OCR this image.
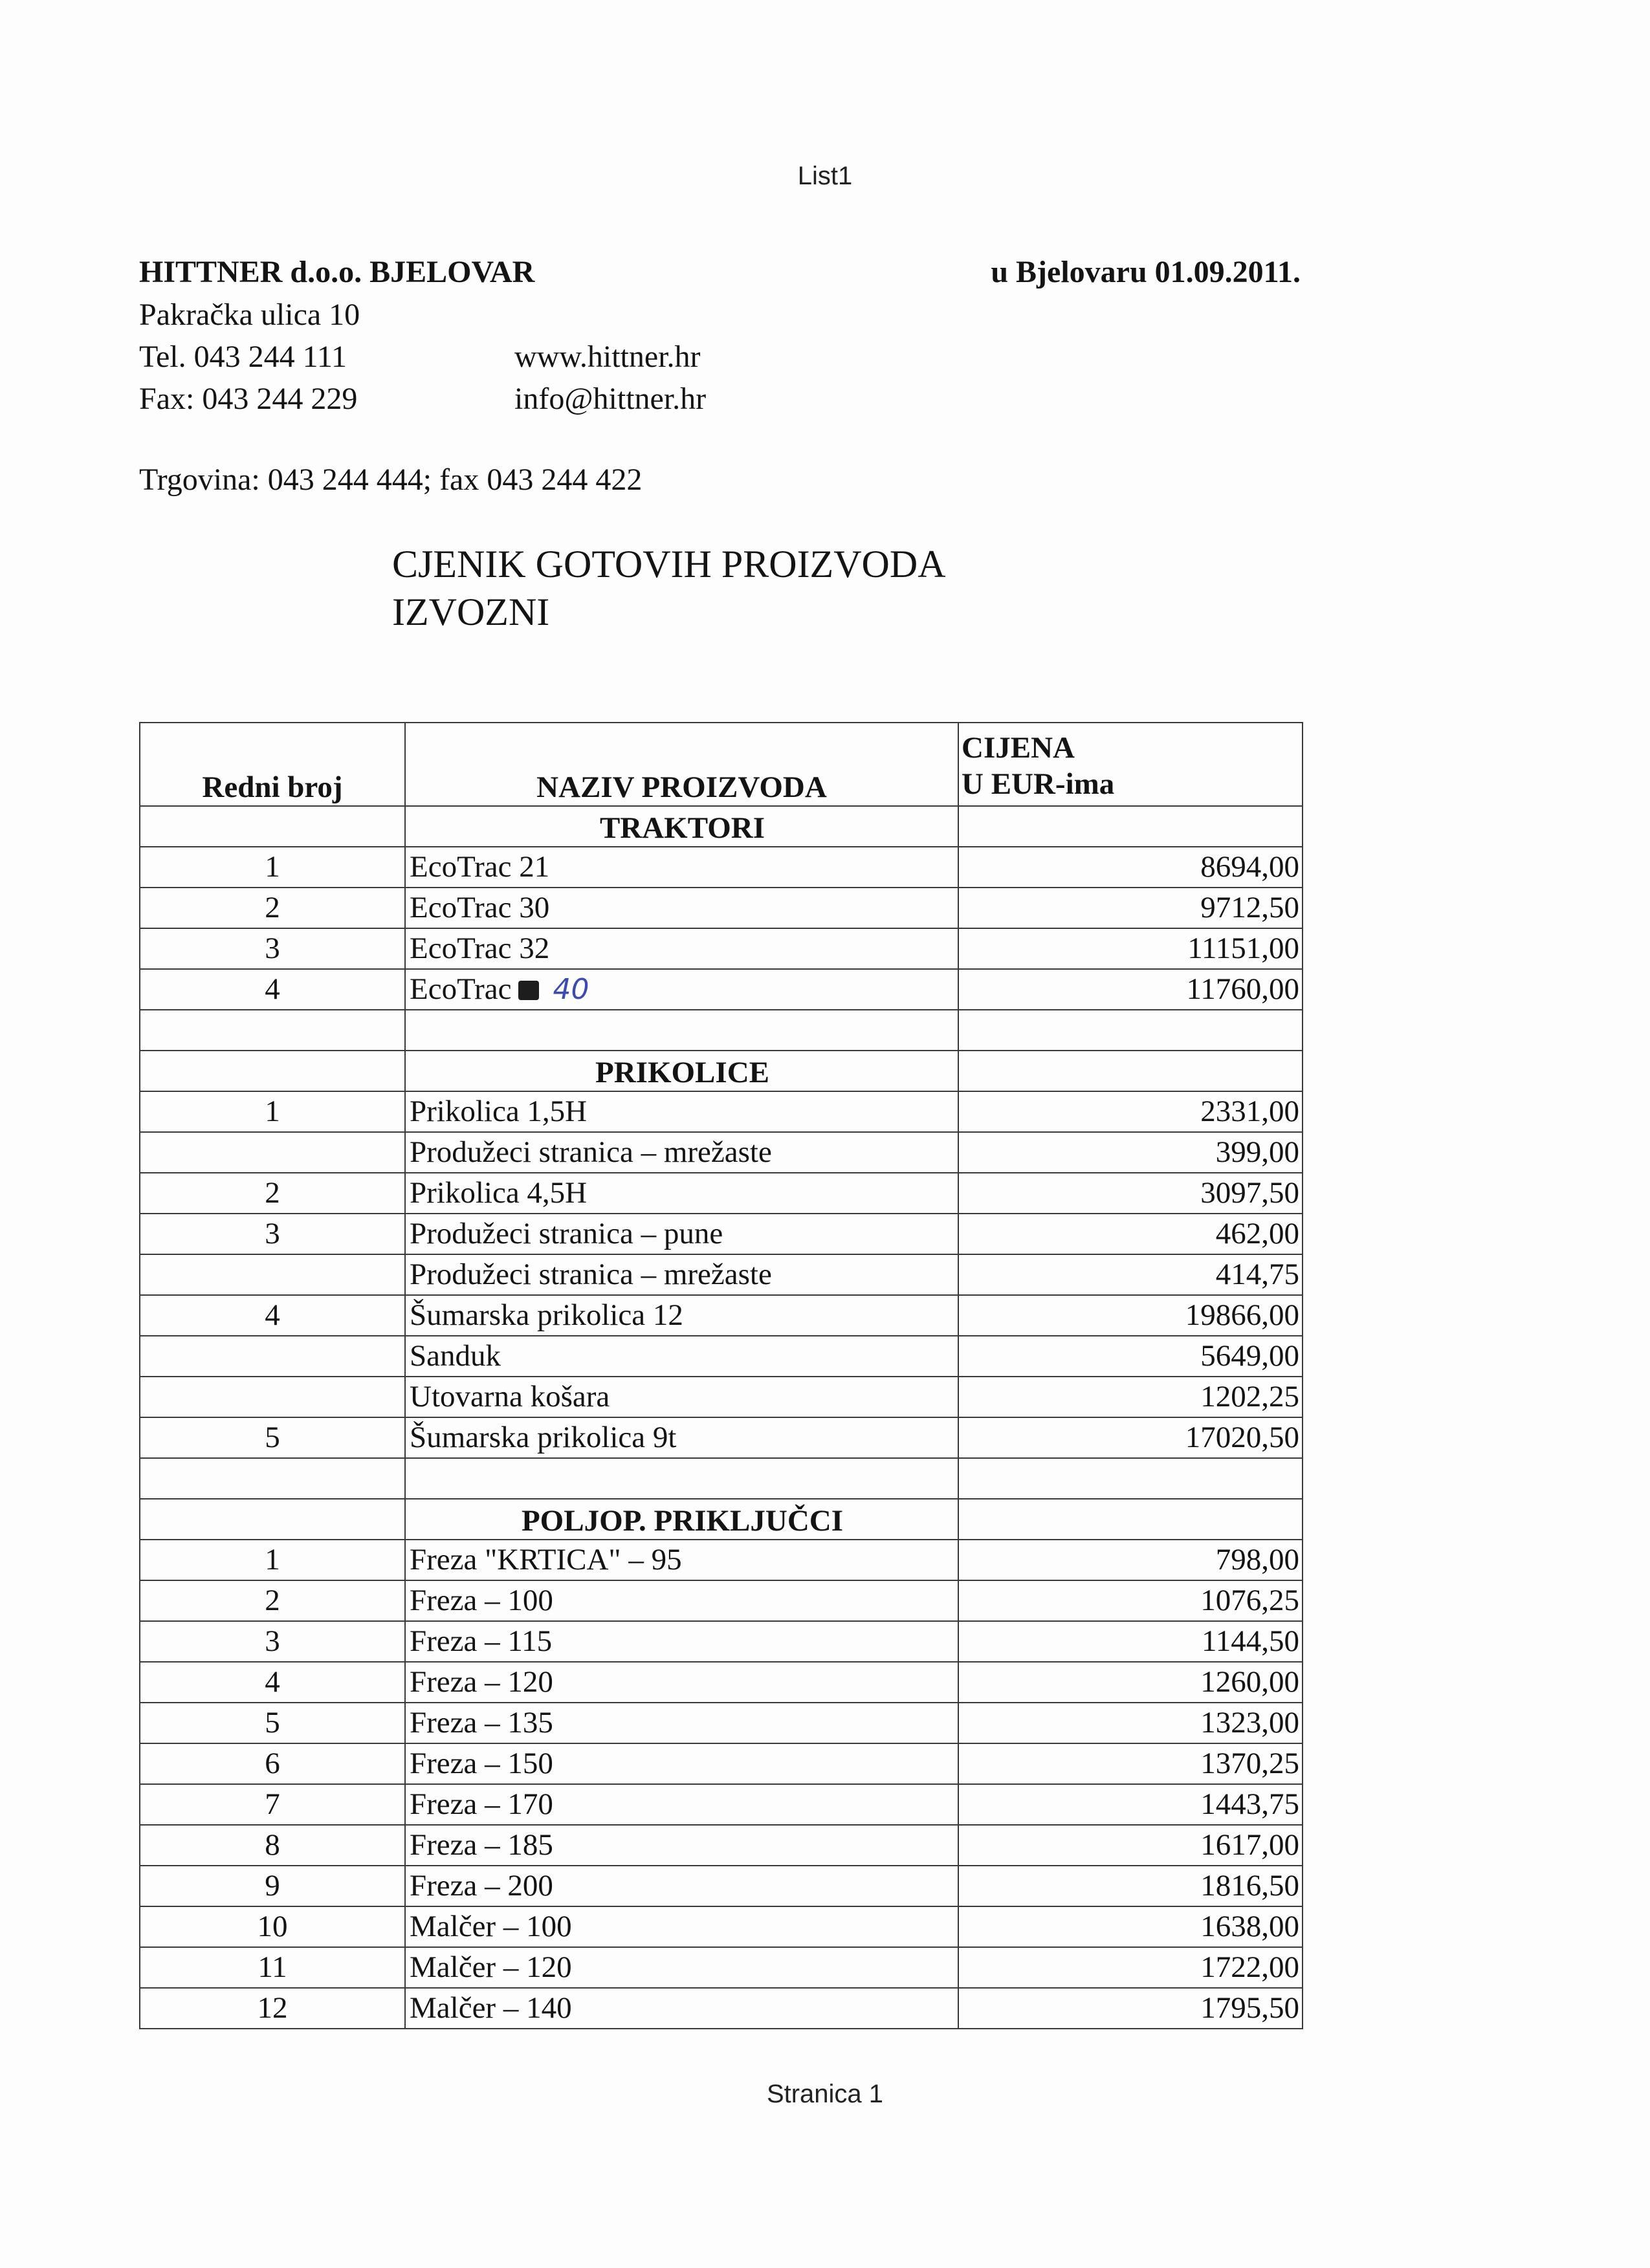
List1
HITTNER d.o.o. BJELOVAR	u Bjelovaru 01.09.2011.
Pakračka ulica 10
Tel. 043 244 111	www.hittner.hr
Fax: 043 244 229	info@hittner.hr
Trgovina: 043 244 444; fax 043 244 422
CJENIK GOTOVIH PROIZVODA
IZVOZNI
Redni broj	NAZIV PROIZVODA	CIJENA
U EUR-ima
	TRAKTORI	
1	EcoTrac 21	8694,00
2	EcoTrac 30	9712,50
3	EcoTrac 32	11151,00
4	EcoTrac 40	11760,00

	PRIKOLICE	
1	Prikolica 1,5H	2331,00
	Produžeci stranica – mrežaste	399,00
2	Prikolica 4,5H	3097,50
3	Produžeci stranica – pune	462,00
	Produžeci stranica – mrežaste	414,75
4	Šumarska prikolica 12	19866,00
	Sanduk	5649,00
	Utovarna košara	1202,25
5	Šumarska prikolica 9t	17020,50

	POLJOP. PRIKLJUČCI	
1	Freza "KRTICA" – 95	798,00
2	Freza – 100	1076,25
3	Freza – 115	1144,50
4	Freza – 120	1260,00
5	Freza – 135	1323,00
6	Freza – 150	1370,25
7	Freza – 170	1443,75
8	Freza – 185	1617,00
9	Freza – 200	1816,50
10	Malčer – 100	1638,00
11	Malčer – 120	1722,00
12	Malčer – 140	1795,50
Stranica 1
